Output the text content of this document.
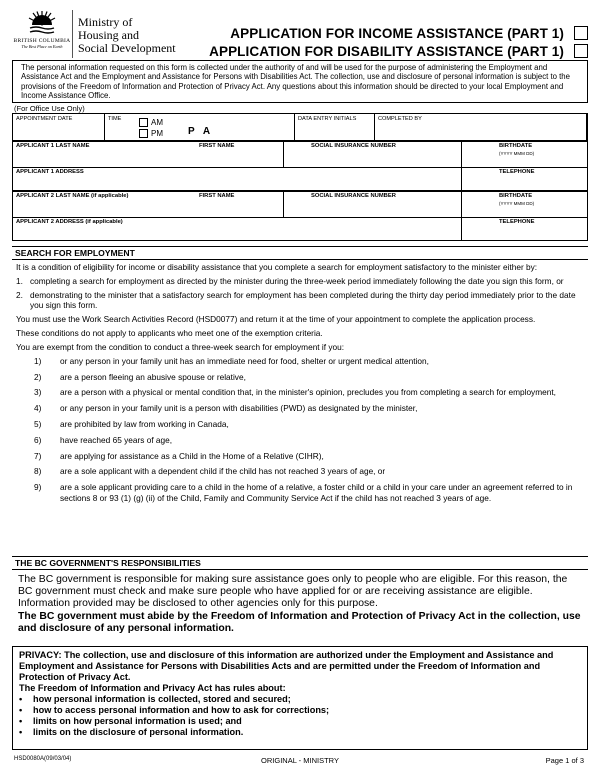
BRITISH COLUMBIA
The Best Place on Earth
Ministry of
Housing and
Social Development
APPLICATION FOR INCOME ASSISTANCE (PART 1)
APPLICATION FOR DISABILITY ASSISTANCE (PART 1)
The personal information requested on this form is collected under the authority of and will be used for the purpose of administering the Employment and Assistance Act and the Employment and Assistance for Persons with Disabilities Act. The collection, use and disclosure of personal information is subject to the provisions of the Freedom of Information and Protection of Privacy Act. Any questions about this information should be directed to your local Employment and Income Assistance Office.
(For Office Use Only)
APPOINTMENT DATE	TIME	DATA ENTRY INITIALS	COMPLETED BY
AM
PM	P A
APPLICANT 1 LAST NAME	FIRST NAME	SOCIAL INSURANCE NUMBER	BIRTHDATE
(YYYY MMM DD)
APPLICANT 1 ADDRESS	TELEPHONE
APPLICANT 2 LAST NAME (if applicable)	FIRST NAME	SOCIAL INSURANCE NUMBER	BIRTHDATE
(YYYY MMM DD)
APPLICANT 2 ADDRESS (if applicable)	TELEPHONE
SEARCH FOR EMPLOYMENT

It is a condition of eligibility for income or disability assistance that you complete a search for employment satisfactory to the minister either by:

1. completing a search for employment as directed by the minister during the three-week period immediately following the date you sign this form, or
2. demonstrating to the minister that a satisfactory search for employment has been completed during the thirty day period immediately prior to the date you sign this form.

You must use the Work Search Activities Record (HSD0077) and return it at the time of your appointment to complete the application process.

These conditions do not apply to applicants who meet one of the exemption criteria.

You are exempt from the condition to conduct a three-week search for employment if you:

1)	or any person in your family unit has an immediate need for food, shelter or urgent medical attention,
2)	are a person fleeing an abusive spouse or relative,
3)	are a person with a physical or mental condition that, in the minister's opinion, precludes you from completing a search for employment,
4)	or any person in your family unit is a person with disabilities (PWD) as designated by the minister,
5)	are prohibited by law from working in Canada,
6)	have reached 65 years of age,
7)	are applying for assistance as a Child in the Home of a Relative (CIHR),
8)	are a sole applicant with a dependent child if the child has not reached 3 years of age, or
9)	are a sole applicant providing care to a child in the home of a relative, a foster child or a child in your care under an agreement referred to in sections 8 or 93 (1) (g) (ii) of the Child, Family and Community Service Act if the child has not reached 3 years of age.
THE BC GOVERNMENT'S RESPONSIBILITIES
The BC government is responsible for making sure assistance goes only to people who are eligible. For this reason, the BC government must check and make sure people who have applied for or are receiving assistance are eligible. Information provided may be disclosed to other agencies only for this purpose.
The BC government must abide by the Freedom of Information and Protection of Privacy Act in the collection, use and disclosure of any personal information.
PRIVACY: The collection, use and disclosure of this information are authorized under the Employment and Assistance and Employment and Assistance for Persons with Disabilities Acts and are permitted under the Freedom of Information and Protection of Privacy Act.
The Freedom of Information and Privacy Act has rules about:
•	how personal information is collected, stored and secured;
•	how to access personal information and how to ask for corrections;
•	limits on how personal information is used; and
•	limits on the disclosure of personal information.
HSD0080A(09/03/04)	ORIGINAL - MINISTRY	Page 1 of 3
